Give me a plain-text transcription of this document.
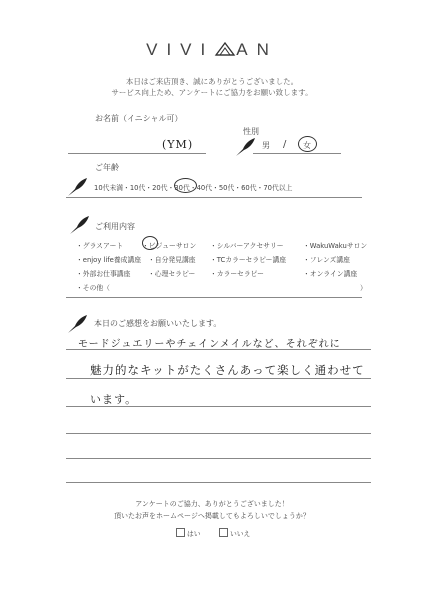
VIVI AN
本日はご来店頂き、誠にありがとうございました。
サービス向上ため、アンケートにご協力をお願い致します。
お名前（イニシャル可）
(YM)
性別
男 / 女
ご年齢
10代未満・10代・20代・30代・40代・50代・60代・70代以上
ご利用内容
・グラスアート	・ビジューサロン ・シルバーアクセサリー	・WakuWakuサロン
・enjoy life養成講座 ・自分発見講座 ・TCカラーセラピー講座 ・フレンズ講座
・外部お仕事講座	・心理セラピー ・カラーセラピー	・オンライン講座
・その他（	）
本日のご感想をお願いいたします。
モードジュエリーやチェインメイルなど、それぞれに
魅力的なキットがたくさんあって楽しく通わせて
います。
アンケートのご協力、ありがとうございました！
頂いたお声をホームページへ掲載してもよろしいでしょうか？
はい	いいえ
